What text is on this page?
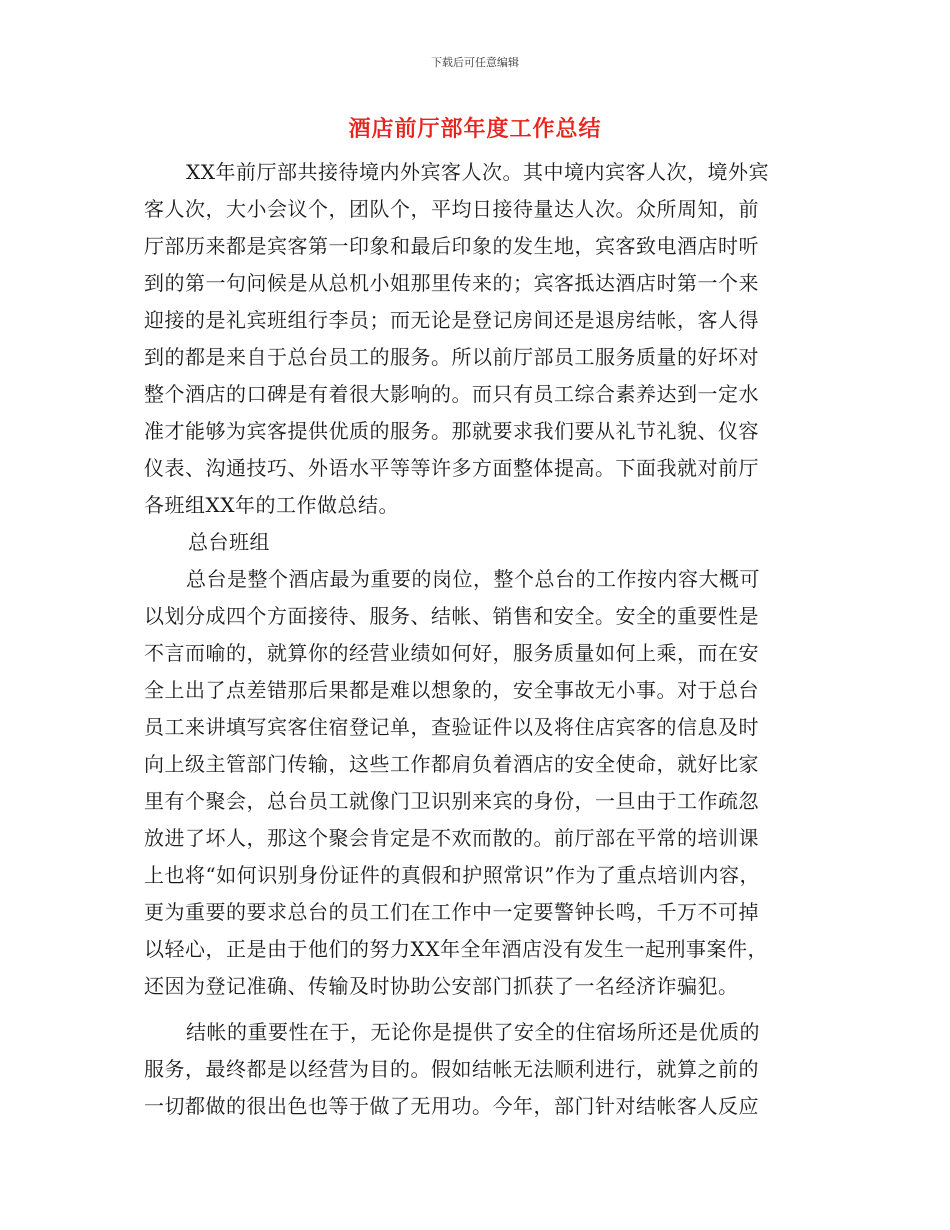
下载后可任意编辑
酒店前厅部年度工作总结
XX年前厅部共接待境内外宾客人次。其中境内宾客人次，境外宾
客人次，大小会议个，团队个，平均日接待量达人次。众所周知，前
厅部历来都是宾客第一印象和最后印象的发生地，宾客致电酒店时听
到的第一句问候是从总机小姐那里传来的；宾客抵达酒店时第一个来
迎接的是礼宾班组行李员；而无论是登记房间还是退房结帐，客人得
到的都是来自于总台员工的服务。所以前厅部员工服务质量的好坏对
整个酒店的口碑是有着很大影响的。而只有员工综合素养达到一定水
准才能够为宾客提供优质的服务。那就要求我们要从礼节礼貌、仪容
仪表、沟通技巧、外语水平等等许多方面整体提高。下面我就对前厅
各班组XX年的工作做总结。
总台班组
总台是整个酒店最为重要的岗位，整个总台的工作按内容大概可
以划分成四个方面接待、服务、结帐、销售和安全。安全的重要性是
不言而喻的，就算你的经营业绩如何好，服务质量如何上乘，而在安
全上出了点差错那后果都是难以想象的，安全事故无小事。对于总台
员工来讲填写宾客住宿登记单，查验证件以及将住店宾客的信息及时
向上级主管部门传输，这些工作都肩负着酒店的安全使命，就好比家
里有个聚会，总台员工就像门卫识别来宾的身份，一旦由于工作疏忽
放进了坏人，那这个聚会肯定是不欢而散的。前厅部在平常的培训课
上也将“如何识别身份证件的真假和护照常识”作为了重点培训内容，
更为重要的要求总台的员工们在工作中一定要警钟长鸣，千万不可掉
以轻心，正是由于他们的努力XX年全年酒店没有发生一起刑事案件，
还因为登记准确、传输及时协助公安部门抓获了一名经济诈骗犯。
结帐的重要性在于，无论你是提供了安全的住宿场所还是优质的
服务，最终都是以经营为目的。假如结帐无法顺利进行，就算之前的
一切都做的很出色也等于做了无用功。今年，部门针对结帐客人反应
